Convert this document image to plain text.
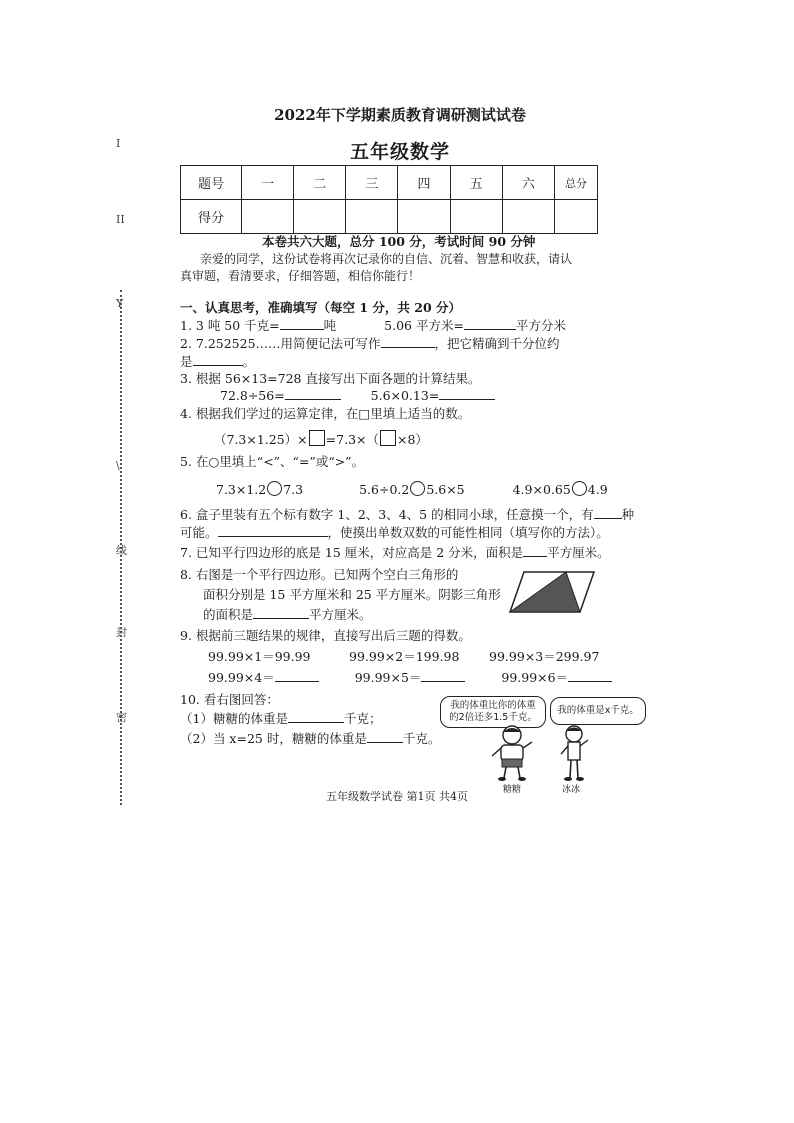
I
II
Y
\
线
封
密
2022年下学期素质教育调研测试试卷
五年级数学
题号	一	二	三	四	五	六	总分
得分							
本卷共六大题，总分 100 分，考试时间 90 分钟
亲爱的同学，这份试卷将再次记录你的自信、沉着、智慧和收获，请认
真审题，看清要求，仔细答题，相信你能行！
一、认真思考，准确填写（每空 1 分，共 20 分）
1. 3 吨 50 千克=	吨	5.06 平方米=	平方分米
2. 7.252525……用简便记法可写作	，把它精确到千分位约
是	。
3. 根据 56×13=728 直接写出下面各题的计算结果。
72.8÷56=	5.6×0.13=
4. 根据我们学过的运算定律，在□里填上适当的数。
（7.3×1.25）× =7.3×（ ×8）
5. 在○里填上“<”、“=”或“>”。
7.3×1.2 7.3	5.6÷0.2 5.6×5	4.9×0.65 4.9
6. 盒子里装有五个标有数字 1、2、3、4、5 的相同小球，任意摸一个，有 种
可能。	，使摸出单数双数的可能性相同（填写你的方法）。
7. 已知平行四边形的底是 15 厘米，对应高是 2 分米，面积是 平方厘米。
8. 右图是一个平行四边形。已知两个空白三角形的
面积分别是 15 平方厘米和 25 平方厘米。阴影三角形
的面积是	平方厘米。
9. 根据前三题结果的规律，直接写出后三题的得数。
99.99×1＝99.99	99.99×2＝199.98 99.99×3＝299.97
99.99×4＝	99.99×5＝	99.99×6＝
10. 看右图回答：
（1）糖糖的体重是	千克；
（2）当 x=25 时，糖糖的体重是	千克。
我的体重比你的体重
的2倍还多1.5千克。
我的体重是x千克。
糖糖	冰冰
五年级数学试卷 第1页 共4页
